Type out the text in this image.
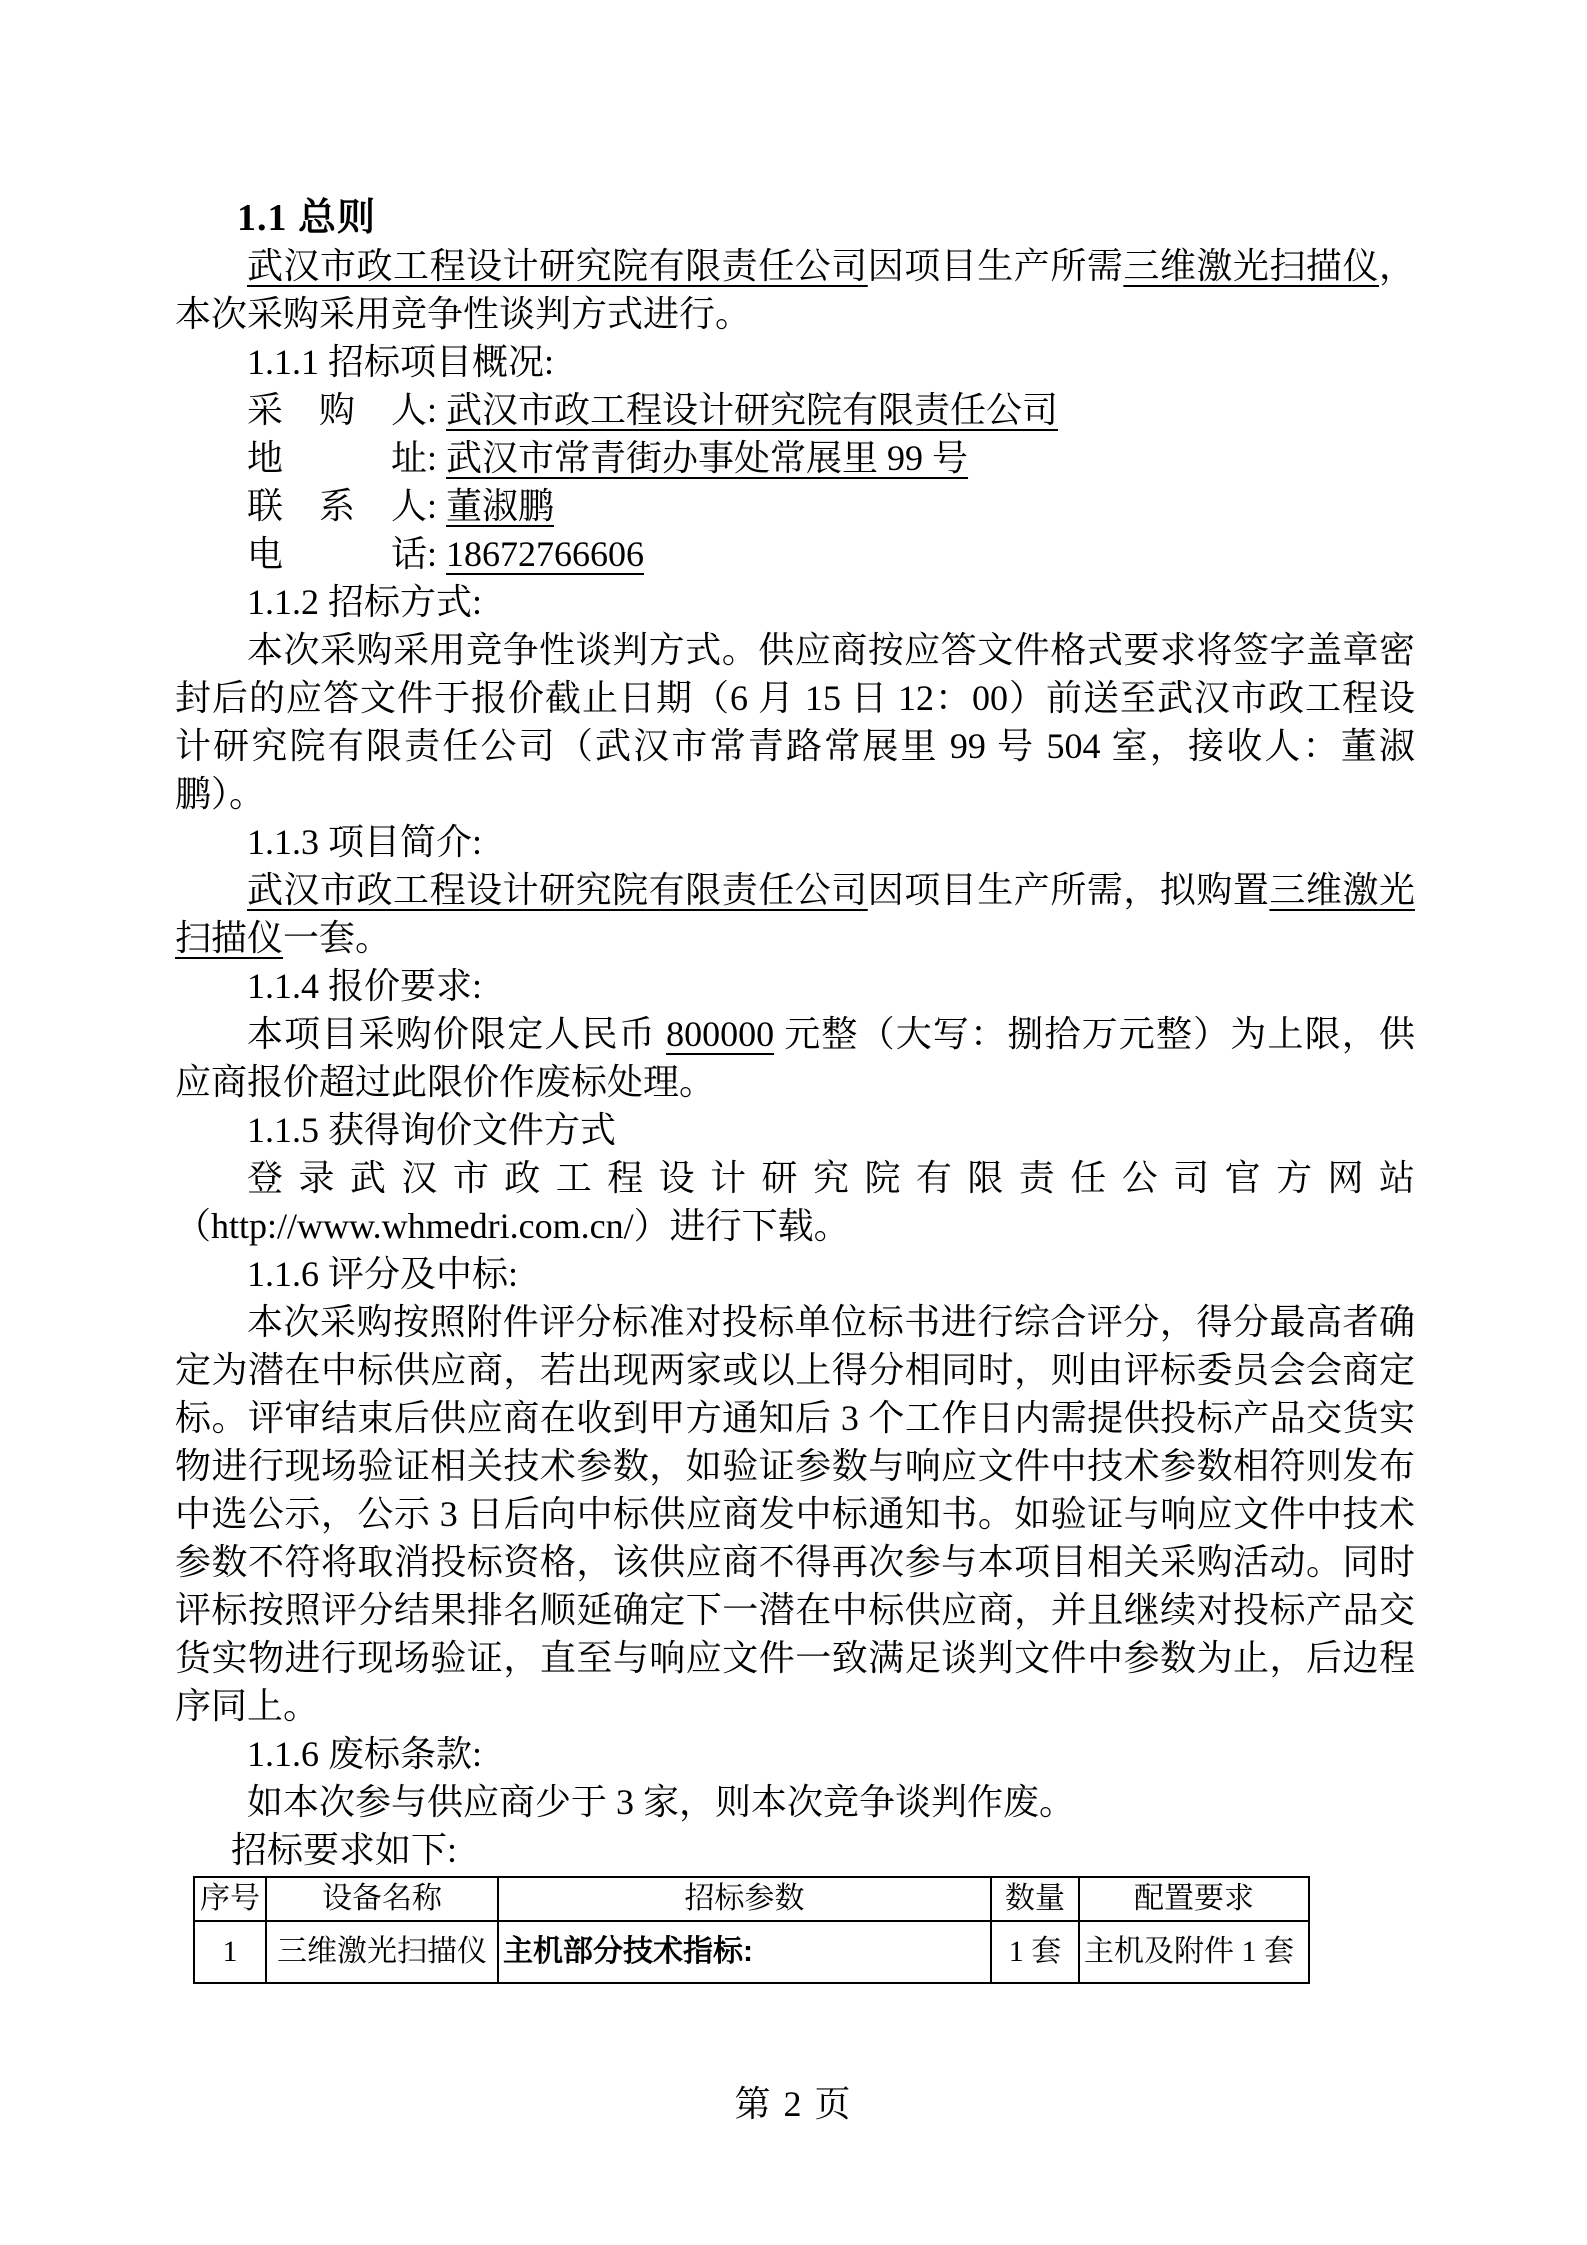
1.1 总则
武汉市政工程设计研究院有限责任公司因项目生产所需三维激光扫描仪，本次采购采用竞争性谈判方式进行。
1.1.1 招标项目概况:
采　购　人: 武汉市政工程设计研究院有限责任公司
地　　　址: 武汉市常青街办事处常展里 99 号
联　系　人: 董淑鹏
电　　　话: 18672766606
1.1.2 招标方式:
本次采购采用竞争性谈判方式。供应商按应答文件格式要求将签字盖章密封后的应答文件于报价截止日期（6 月 15 日 12：00）前送至武汉市政工程设计研究院有限责任公司（武汉市常青路常展里 99 号 504 室，接收人：董淑鹏）。
1.1.3 项目简介:
武汉市政工程设计研究院有限责任公司因项目生产所需，拟购置三维激光扫描仪一套。
1.1.4 报价要求:
本项目采购价限定人民币 800000 元整（大写：捌拾万元整）为上限，供应商报价超过此限价作废标处理。
1.1.5 获得询价文件方式
登录武汉市政工程设计研究院有限责任公司官方网站（http://www.whmedri.com.cn/）进行下载。
1.1.6 评分及中标:
本次采购按照附件评分标准对投标单位标书进行综合评分，得分最高者确定为潜在中标供应商，若出现两家或以上得分相同时，则由评标委员会会商定标。评审结束后供应商在收到甲方通知后 3 个工作日内需提供投标产品交货实物进行现场验证相关技术参数，如验证参数与响应文件中技术参数相符则发布中选公示，公示 3 日后向中标供应商发中标通知书。如验证与响应文件中技术参数不符将取消投标资格，该供应商不得再次参与本项目相关采购活动。同时评标按照评分结果排名顺延确定下一潜在中标供应商，并且继续对投标产品交货实物进行现场验证，直至与响应文件一致满足谈判文件中参数为止，后边程序同上。
1.1.6 废标条款:
如本次参与供应商少于 3 家，则本次竞争谈判作废。
招标要求如下:
序号	设备名称	招标参数	数量	配置要求
1	三维激光扫描仪	主机部分技术指标:	1 套	主机及附件 1 套
第 2 页
